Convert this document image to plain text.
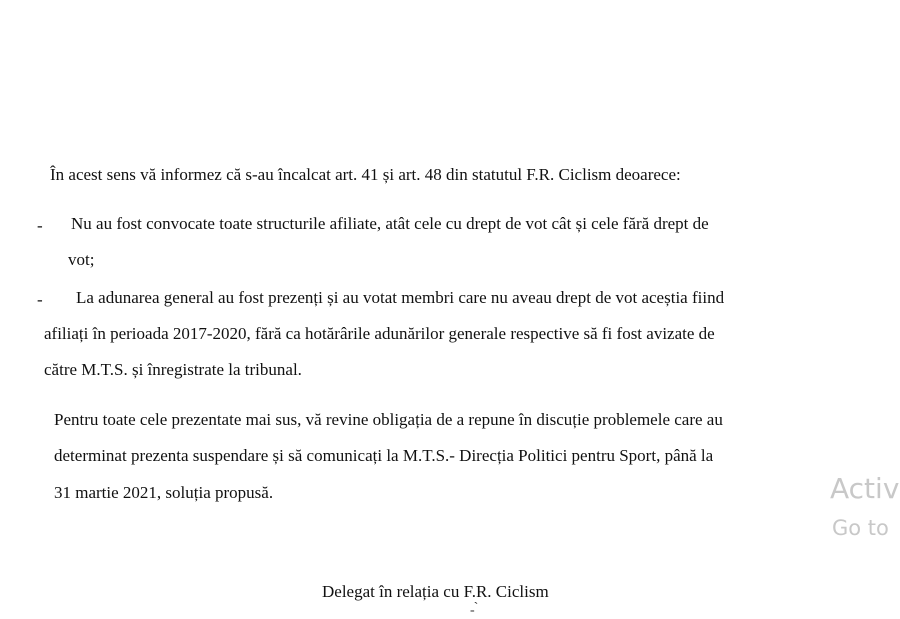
În acest sens vă informez că s-au încalcat art. 41 și art. 48 din statutul F.R. Ciclism deoarece:
- Nu au fost convocate toate structurile afiliate, atât cele cu drept de vot cât și cele fără drept de
vot;
- La adunarea general au fost prezenți și au votat membri care nu aveau drept de vot aceștia fiind
afiliați în perioada 2017-2020, fără ca hotărârile adunărilor generale respective să fi fost avizate de
către M.T.S. și înregistrate la tribunal.
Pentru toate cele prezentate mai sus, vă revine obligația de a repune în discuție problemele care au
determinat prezenta suspendare și să comunicați la M.T.S.- Direcția Politici pentru Sport, până la
31 martie 2021, soluția propusă.
Delegat în relația cu F.R. Ciclism
- ̀
Activ
Go to
